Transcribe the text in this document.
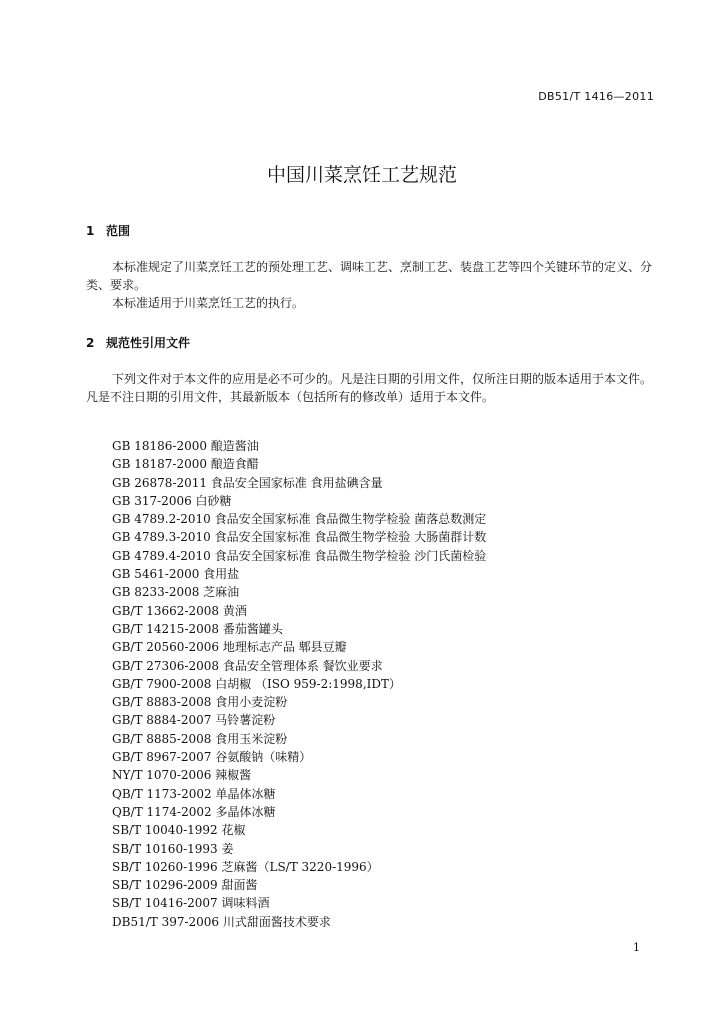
DB51/T 1416—2011
中国川菜烹饪工艺规范
1 范围
本标准规定了川菜烹饪工艺的预处理工艺、调味工艺、烹制工艺、装盘工艺等四个关键环节的定义、分类、要求。
本标准适用于川菜烹饪工艺的执行。
2 规范性引用文件
下列文件对于本文件的应用是必不可少的。凡是注日期的引用文件，仅所注日期的版本适用于本文件。凡是不注日期的引用文件，其最新版本（包括所有的修改单）适用于本文件。
GB 18186-2000 酿造酱油
GB 18187-2000 酿造食醋
GB 26878-2011 食品安全国家标准 食用盐碘含量
GB 317-2006 白砂糖
GB 4789.2-2010 食品安全国家标准 食品微生物学检验 菌落总数测定
GB 4789.3-2010 食品安全国家标准 食品微生物学检验 大肠菌群计数
GB 4789.4-2010 食品安全国家标准 食品微生物学检验 沙门氏菌检验
GB 5461-2000 食用盐
GB 8233-2008 芝麻油
GB/T 13662-2008 黄酒
GB/T 14215-2008 番茄酱罐头
GB/T 20560-2006 地理标志产品 郫县豆瓣
GB/T 27306-2008 食品安全管理体系 餐饮业要求
GB/T 7900-2008 白胡椒 （ISO 959-2:1998,IDT）
GB/T 8883-2008 食用小麦淀粉
GB/T 8884-2007 马铃薯淀粉
GB/T 8885-2008 食用玉米淀粉
GB/T 8967-2007 谷氨酸钠（味精）
NY/T 1070-2006 辣椒酱
QB/T 1173-2002 单晶体冰糖
QB/T 1174-2002 多晶体冰糖
SB/T 10040-1992 花椒
SB/T 10160-1993 姜
SB/T 10260-1996 芝麻酱（LS/T 3220-1996）
SB/T 10296-2009 甜面酱
SB/T 10416-2007 调味料酒
DB51/T 397-2006 川式甜面酱技术要求
1
